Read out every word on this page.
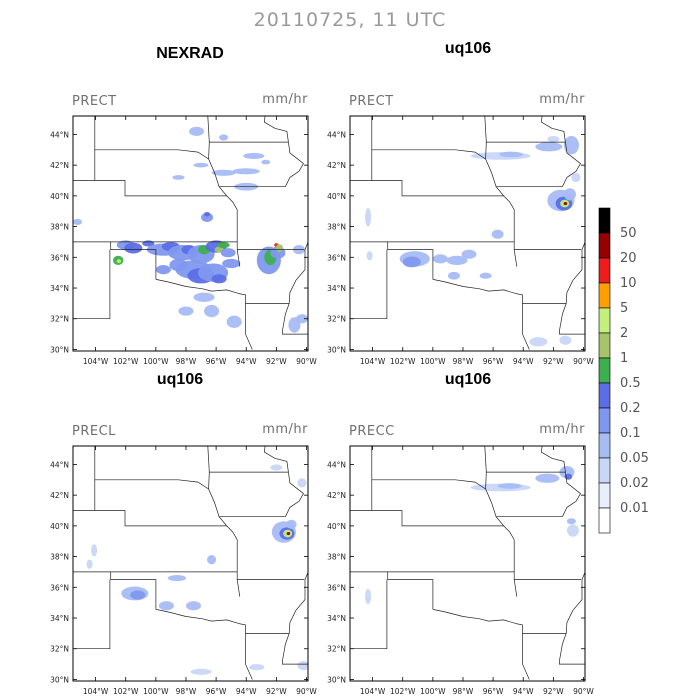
20110725, 11 UTC
NEXRAD
PRECT	mm/hr
104°W 102°W 100°W 98°W 96°W 94°W 92°W 90°W
30°N
32°N
34°N
36°N
38°N
40°N
42°N
44°N
uq106
PRECT	mm/hr
104°W 102°W 100°W 98°W 96°W 94°W 92°W 90°W
30°N
32°N
34°N
36°N
38°N
40°N
42°N
44°N
uq106
PRECL	mm/hr
104°W 102°W 100°W 98°W 96°W 94°W 92°W 90°W
30°N
32°N
34°N
36°N
38°N
40°N
42°N
44°N
uq106
PRECC	mm/hr
104°W 102°W 100°W 98°W 96°W 94°W 92°W 90°W
30°N
32°N
34°N
36°N
38°N
40°N
42°N
44°N
50
20
10
5
2
1
0.5
0.2
0.1
0.05
0.02
0.01
